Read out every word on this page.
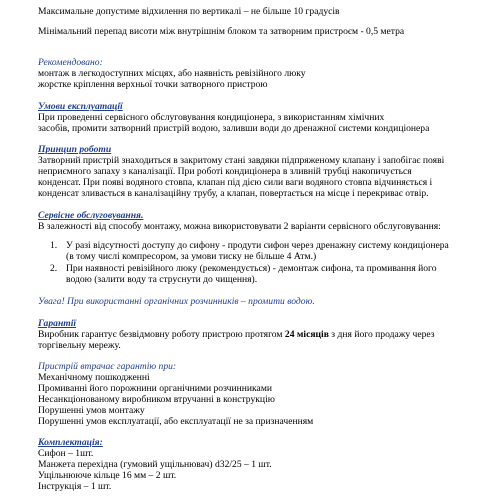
Максимальне допустиме відхилення по вертикалі – не більше 10 градусів
Мінімальний перепад висоти між внутрішнім блоком та затворним пристроєм - 0,5 метра
Рекомендовано:
монтаж в легкодоступних місцях, або наявність ревізійного люку
жорстке кріплення верхньої точки затворного пристрою
Умови експлуатації
При проведенні сервісного обслуговування кондиціонера, з використанням хімічних
засобів, промити затворний пристрій водою, заливши води до дренажної системи кондиціонера
Принцип роботи
Затворний пристрій знаходиться в закритому стані завдяки підпряженому клапану і запобігає появі
неприємного запаху з каналізації. При роботі кондиціонера в зливній трубці накопичується
конденсат. При появі водяного стовпа, клапан під дією сили ваги водяного стовпа відчиняється і
конденсат зливається в каналізаційну трубу, а клапан, повертається на місце і перекриває отвір.
Сервісне обслуговування.
В залежності від способу монтажу, можна використовувати 2 варіанти сервісного обслуговування:
1. У разі відсутності доступу до сифону - продути сифон через дренажну систему кондиціонера
(в тому числі компресором, за умови тиску не більше 4 Атм.)
2. При наявності ревізійного люку (рекомендується) - демонтаж сифона, та промивання його
водою (залити воду та струснути до чищення).
Увага! При використанні органічних розчинників – промити водою.
Гарантії
Виробник гарантує безвідмовну роботу пристрою протягом 24 місяців з дня його продажу через
торгівельну мережу.
Пристрій втрачає гарантію при:
Механічному пошкодженні
Промиванні його порожнини органічними розчинниками
Несанкціонованому виробником втручанні в конструкцію
Порушенні умов монтажу
Порушенні умов експлуатації, або експлуатації не за призначенням
Комплектація:
Сифон – 1шт.
Манжета перехідна (гумовий ущільнювач) d32/25 – 1 шт.
Ущільнююче кільце 16 мм – 2 шт.
Інструкція – 1 шт.
